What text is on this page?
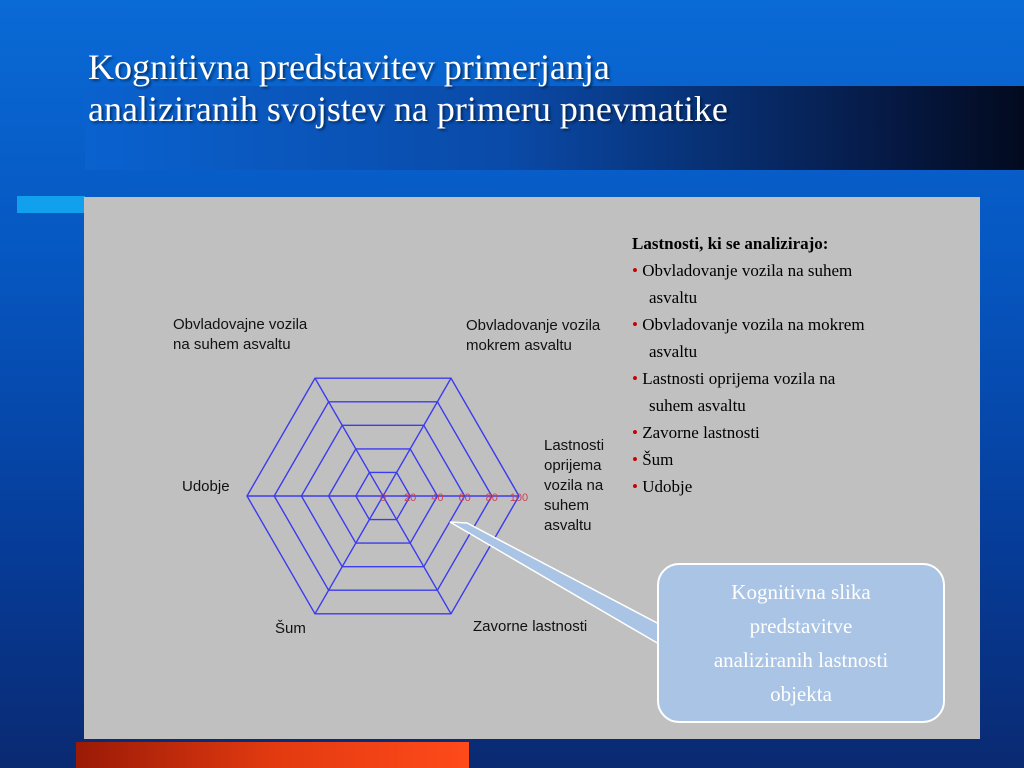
Kognitivna predstavitev primerjanja
analiziranih svojstev na primeru pnevmatike
0 20 40 60 80 100
Obvladovajne vozila
na suhem asvaltu
Obvladovanje vozila
mokrem asvaltu
Lastnosti
oprijema
vozila na
suhem
asvaltu
Zavorne lastnosti
Šum
Udobje
Lastnosti, ki se analizirajo:
• Obvladovanje vozila na suhem
asvaltu
• Obvladovanje vozila na mokrem
asvaltu
• Lastnosti oprijema vozila na
suhem asvaltu
• Zavorne lastnosti
• Šum
• Udobje
Kognitivna slika
predstavitve
analiziranih lastnosti
objekta
